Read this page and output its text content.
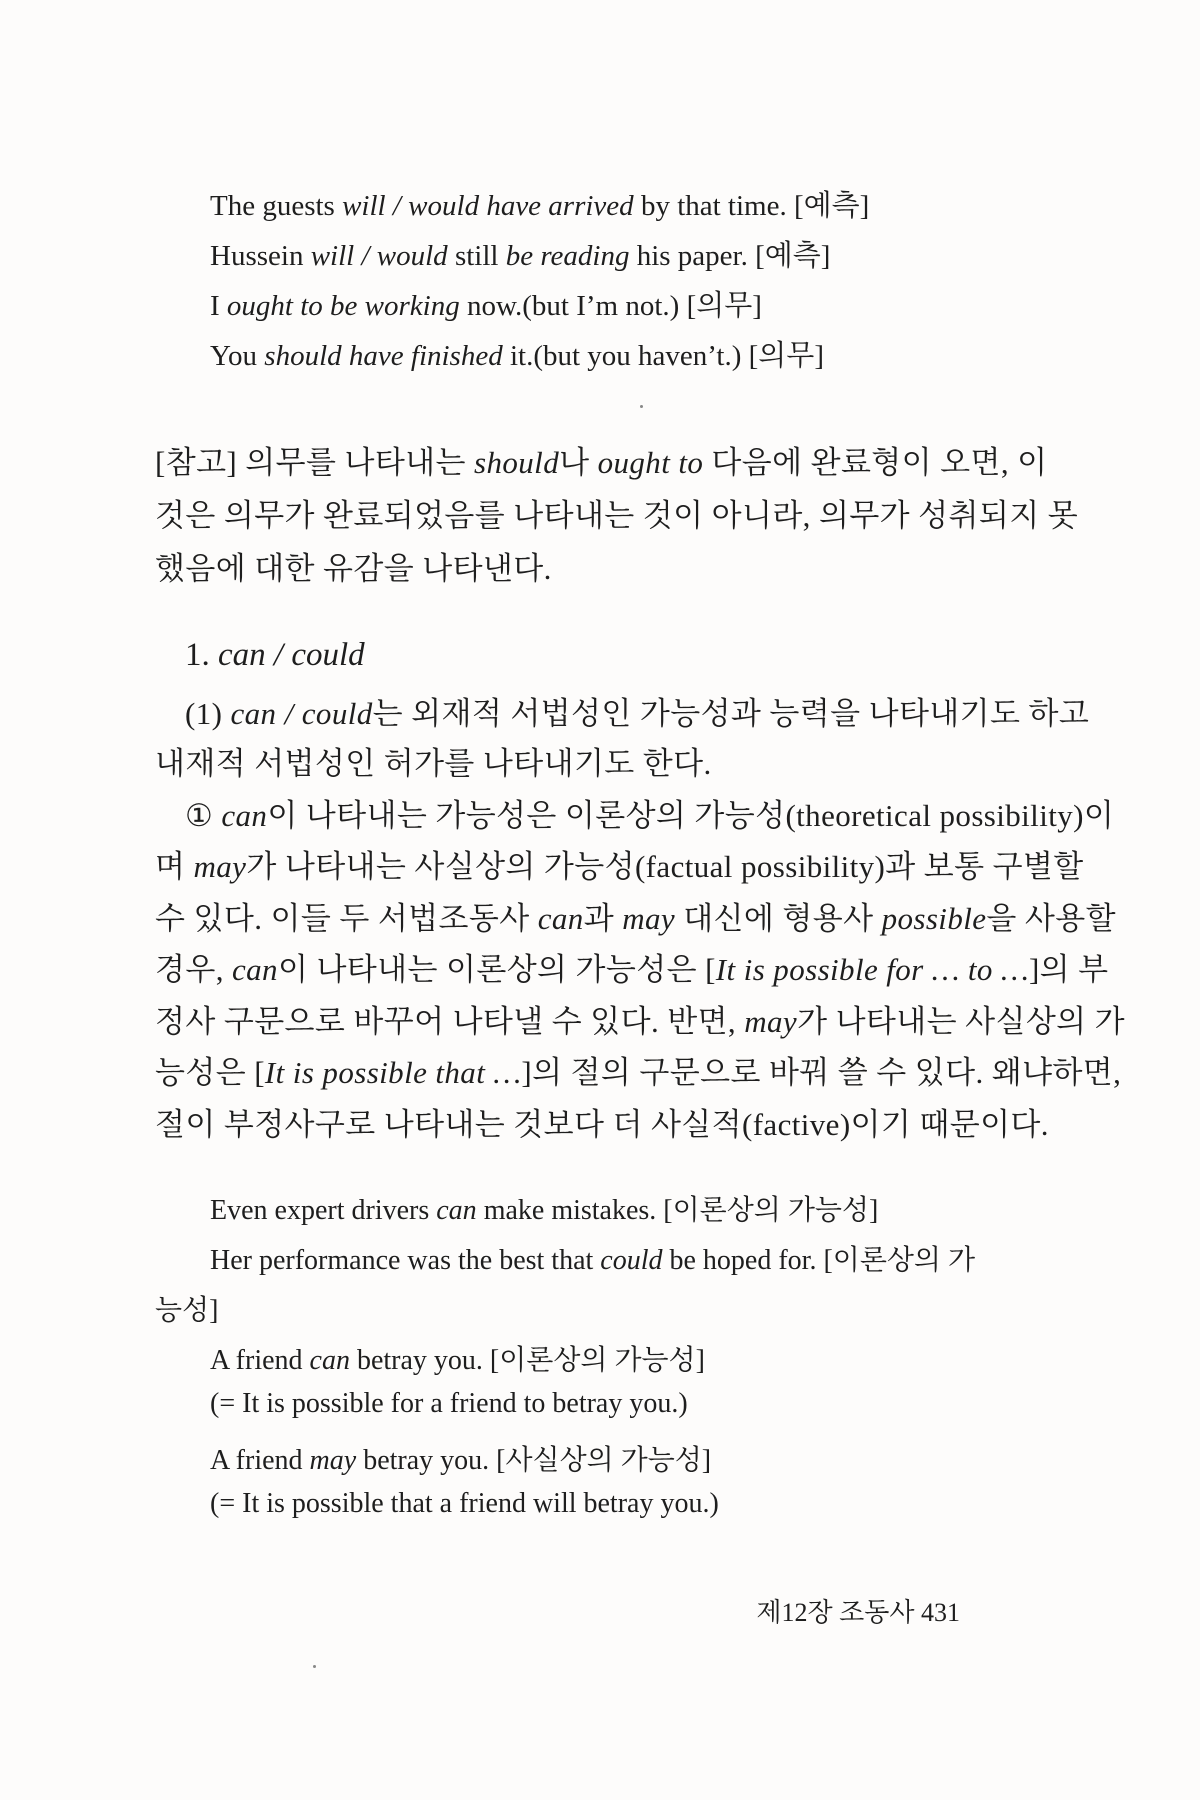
The guests will / would have arrived by that time. [예측]

Hussein will / would still be reading his paper. [예측]

I ought to be working now.(but I’m not.) [의무]

You should have finished it.(but you haven’t.) [의무]

[참고] 의무를 나타내는 should나 ought to 다음에 완료형이 오면, 이

것은 의무가 완료되었음를 나타내는 것이 아니라, 의무가 성취되지 못

했음에 대한 유감을 나타낸다.

1. can / could

(1) can / could는 외재적 서법성인 가능성과 능력을 나타내기도 하고

내재적 서법성인 허가를 나타내기도 한다.

① can이 나타내는 가능성은 이론상의 가능성(theoretical possibility)이

며 may가 나타내는 사실상의 가능성(factual possibility)과 보통 구별할

수 있다. 이들 두 서법조동사 can과 may 대신에 형용사 possible을 사용할

경우, can이 나타내는 이론상의 가능성은 [It is possible for … to …]의 부

정사 구문으로 바꾸어 나타낼 수 있다. 반면, may가 나타내는 사실상의 가

능성은 [It is possible that …]의 절의 구문으로 바꿔 쓸 수 있다. 왜냐하면,

절이 부정사구로 나타내는 것보다 더 사실적(factive)이기 때문이다.

Even expert drivers can make mistakes. [이론상의 가능성]

Her performance was the best that could be hoped for. [이론상의 가

능성]

A friend can betray you. [이론상의 가능성]

(= It is possible for a friend to betray you.)

A friend may betray you. [사실상의 가능성]

(= It is possible that a friend will betray you.)

제12장 조동사 431
